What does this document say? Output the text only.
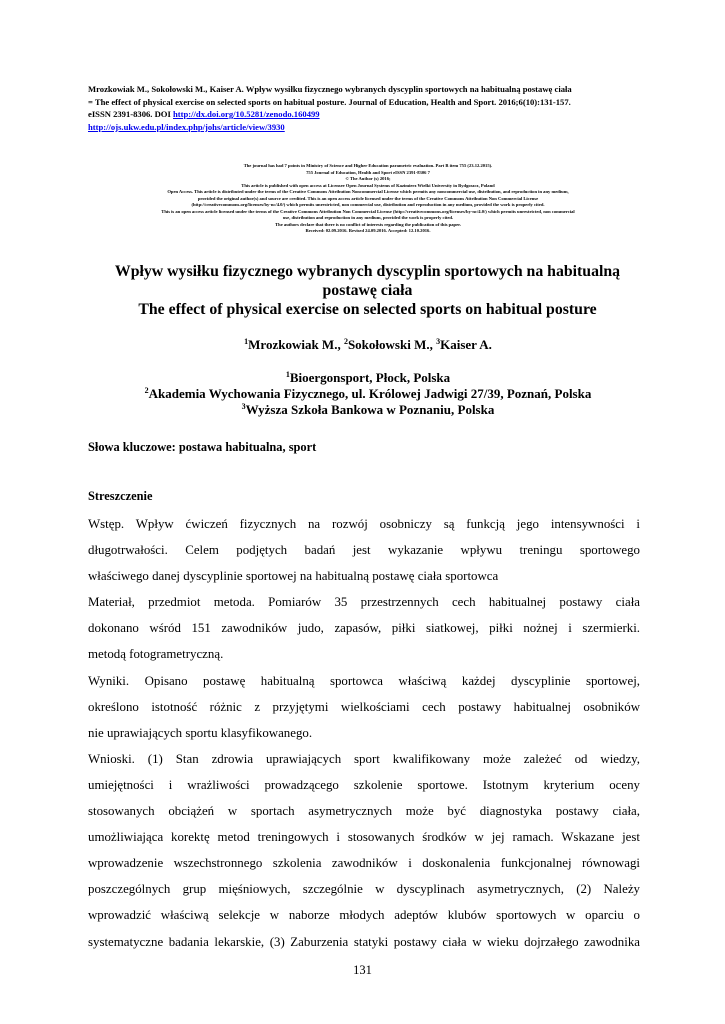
Mrozkowiak M., Sokołowski M., Kaiser A. Wpływ wysiłku fizycznego wybranych dyscyplin sportowych na habitualną postawę ciała
= The effect of physical exercise on selected sports on habitual posture. Journal of Education, Health and Sport. 2016;6(10):131-157.
eISSN 2391-8306. DOI http://dx.doi.org/10.5281/zenodo.160499
http://ojs.ukw.edu.pl/index.php/johs/article/view/3930
The journal has had 7 points in Ministry of Science and Higher Education parametric evaluation. Part B item 755 (23.12.2015).
755 Journal of Education, Health and Sport eISSN 2391-8306 7
© The Author (s) 2016;
This article is published with open access at Licensee Open Journal Systems of Kazimierz Wielki University in Bydgoszcz, Poland
Open Access. This article is distributed under the terms of the Creative Commons Attribution Noncommercial License which permits any noncommercial use, distribution, and reproduction in any medium,
provided the original author(s) and source are credited. This is an open access article licensed under the terms of the Creative Commons Attribution Non Commercial License
(http://creativecommons.org/licenses/by-nc/4.0/) which permits unrestricted, non commercial use, distribution and reproduction in any medium, provided the work is properly cited.
This is an open access article licensed under the terms of the Creative Commons Attribution Non Commercial License (http://creativecommons.org/licenses/by-nc/4.0/) which permits unrestricted, non commercial
use, distribution and reproduction in any medium, provided the work is properly cited.
The authors declare that there is no conflict of interests regarding the publication of this paper.
Received: 02.09.2016. Revised 24.09.2016. Accepted: 12.10.2016.
Wpływ wysiłku fizycznego wybranych dyscyplin sportowych na habitualną
postawę ciała
The effect of physical exercise on selected sports on habitual posture
$^1$Mrozkowiak M., $^2$Sokołowski M., $^3$Kaiser A.
$^1$Bioergonsport, Płock, Polska
$^2$Akademia Wychowania Fizycznego, ul. Królowej Jadwigi 27/39, Poznań, Polska
$^3$Wyższa Szkoła Bankowa w Poznaniu, Polska
Słowa kluczowe: postawa habitualna, sport
Streszczenie
Wstęp. Wpływ ćwiczeń fizycznych na rozwój osobniczy są funkcją jego intensywności i
długotrwałości. Celem podjętych badań jest wykazanie wpływu treningu sportowego
właściwego danej dyscyplinie sportowej na habitualną postawę ciała sportowca
Materiał, przedmiot metoda. Pomiarów 35 przestrzennych cech habitualnej postawy ciała
dokonano wśród 151 zawodników judo, zapasów, piłki siatkowej, piłki nożnej i szermierki.
metodą fotogrametryczną.
Wyniki. Opisano postawę habitualną sportowca właściwą każdej dyscyplinie sportowej,
określono istotność różnic z przyjętymi wielkościami cech postawy habitualnej osobników
nie uprawiających sportu klasyfikowanego.
Wnioski. (1) Stan zdrowia uprawiających sport kwalifikowany może zależeć od wiedzy,
umiejętności i wrażliwości prowadzącego szkolenie sportowe. Istotnym kryterium oceny
stosowanych obciążeń w sportach asymetrycznych może być diagnostyka postawy ciała,
umożliwiająca korektę metod treningowych i stosowanych środków w jej ramach. Wskazane jest
wprowadzenie wszechstronnego szkolenia zawodników i doskonalenia funkcjonalnej równowagi
poszczególnych grup mięśniowych, szczególnie w dyscyplinach asymetrycznych, (2) Należy
wprowadzić właściwą selekcje w naborze młodych adeptów klubów sportowych w oparciu o
systematyczne badania lekarskie, (3) Zaburzenia statyki postawy ciała w wieku dojrzałego zawodnika
131
